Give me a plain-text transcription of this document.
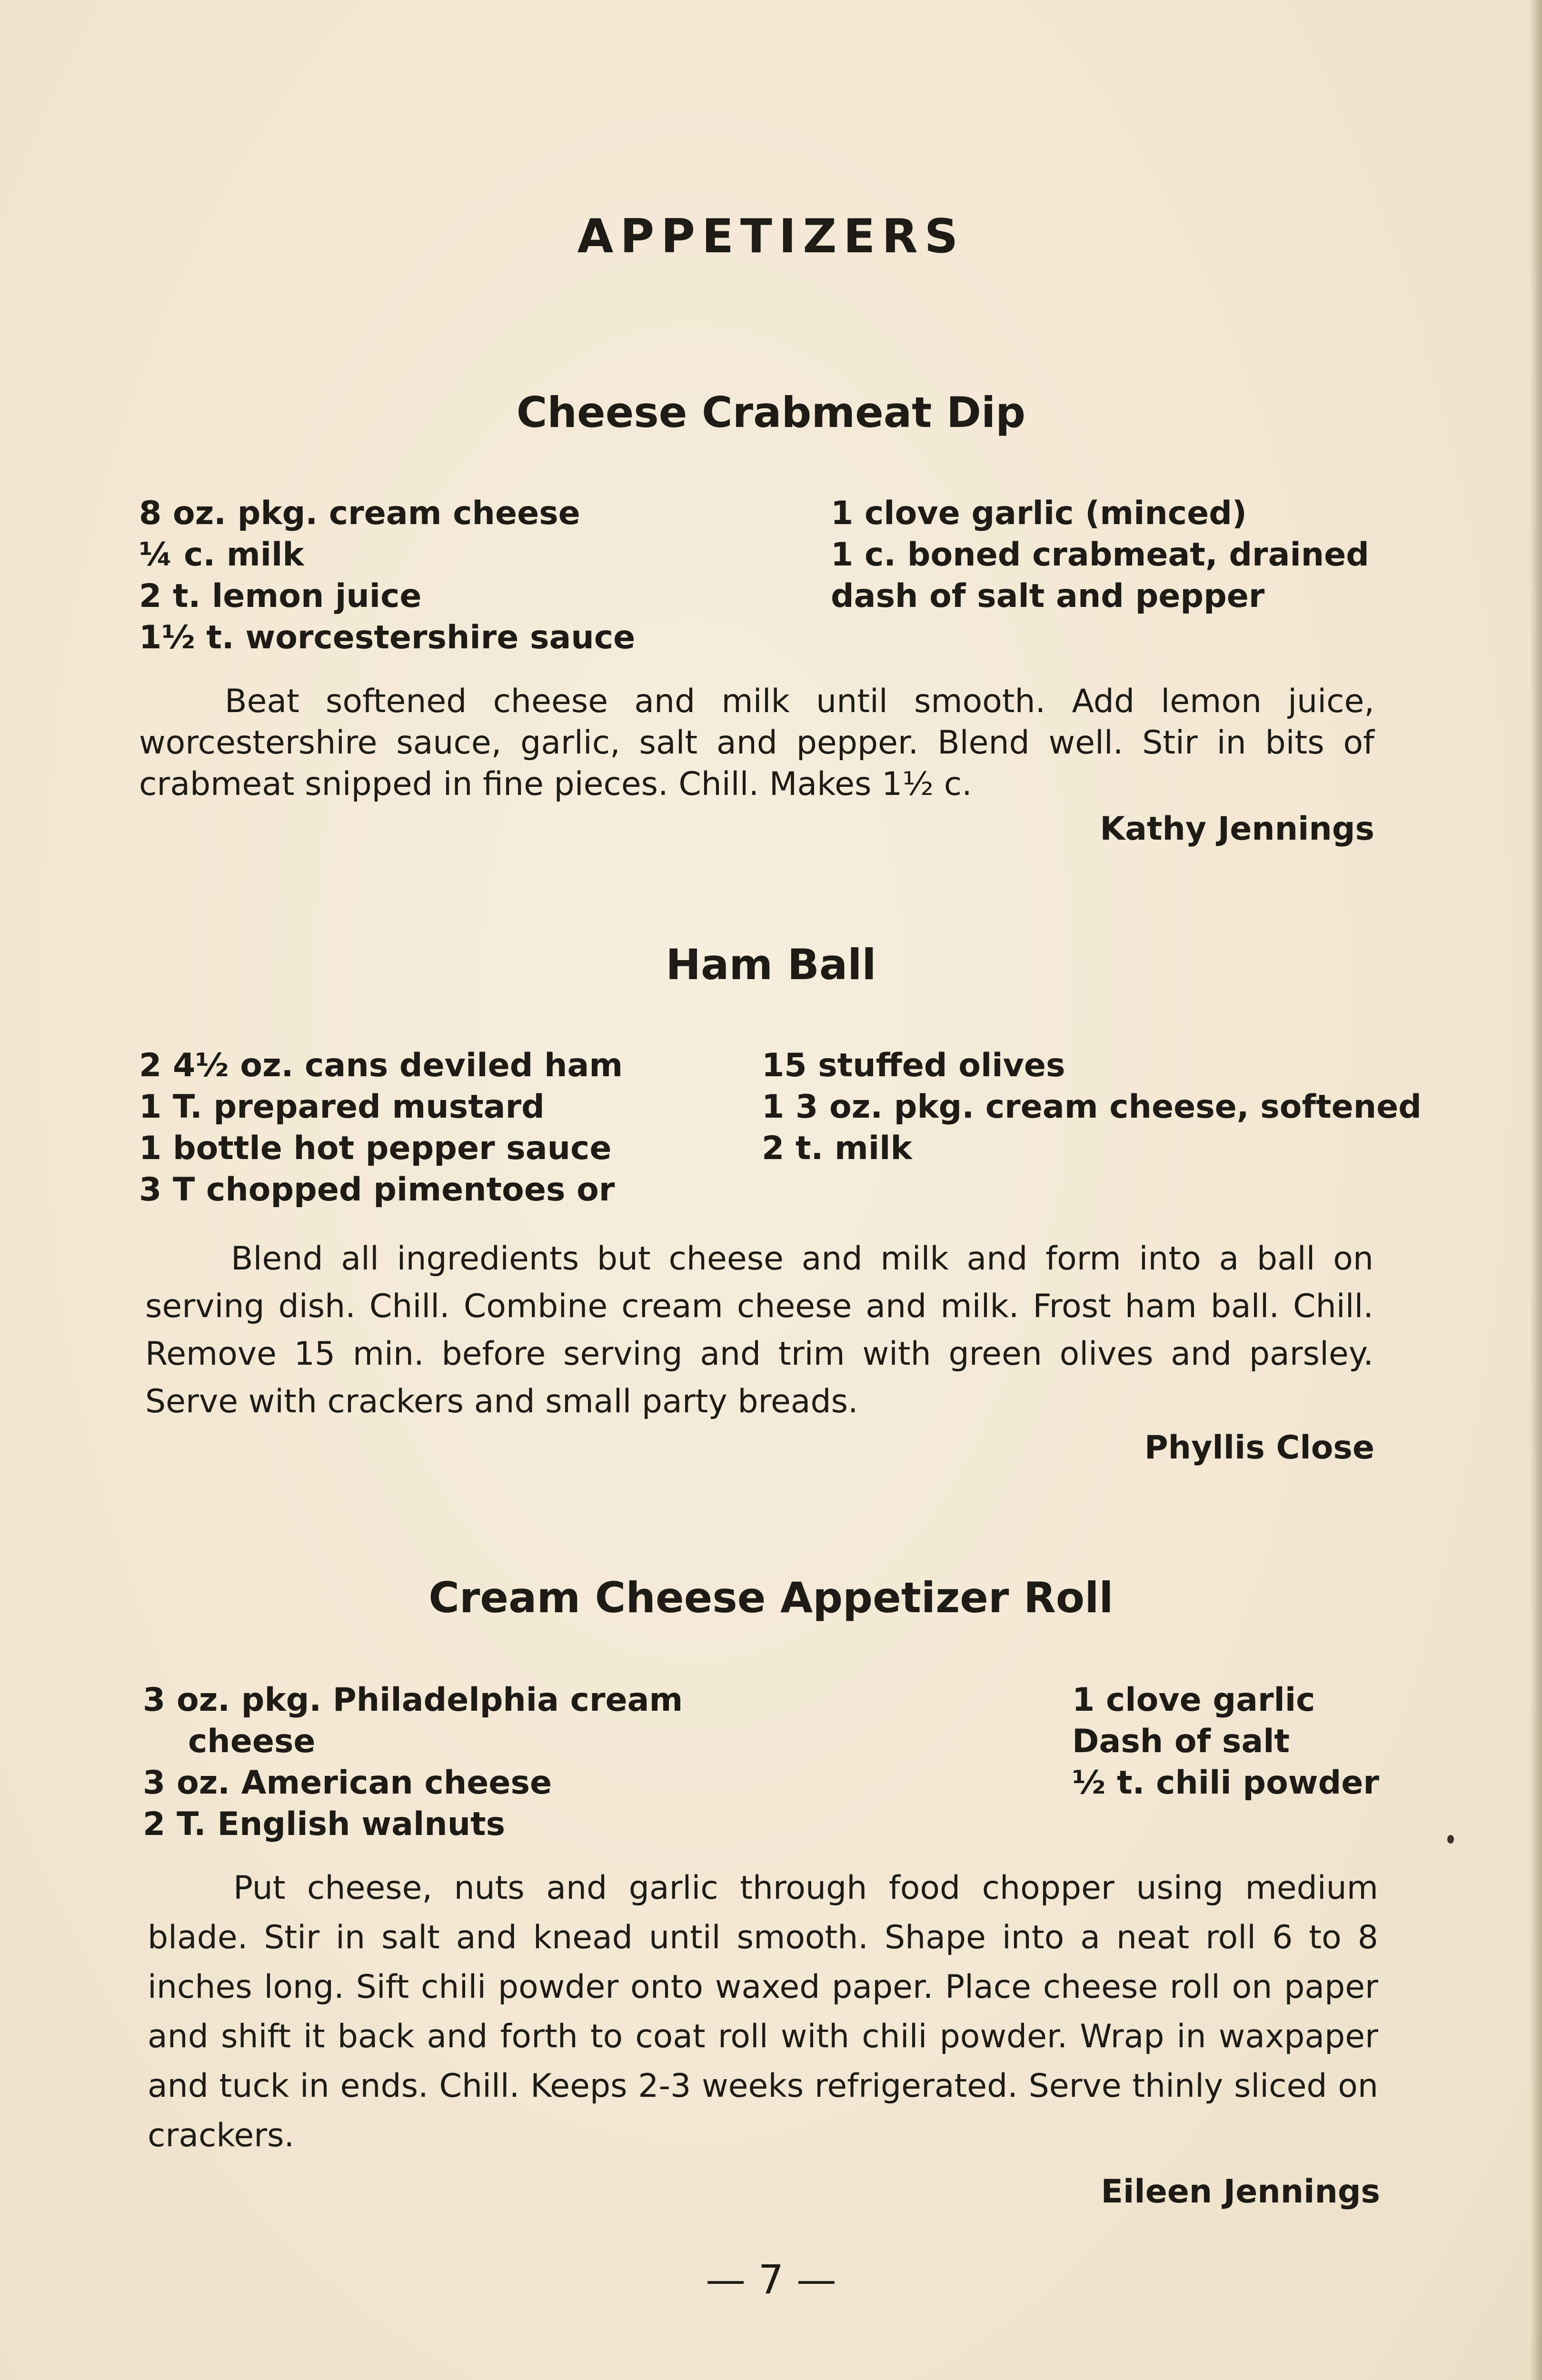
APPETIZERS
Cheese Crabmeat Dip
8 oz. pkg. cream cheese
¼ c. milk
2 t. lemon juice
1½ t. worcestershire sauce
1 clove garlic (minced)
1 c. boned crabmeat, drained
dash of salt and pepper

Beat softened cheese and milk until smooth. Add lemon juice, worcestershire sauce, garlic, salt and pepper. Blend well. Stir in bits of crabmeat snipped in fine pieces. Chill. Makes 1½ c.

Kathy Jennings
Ham Ball
2 4½ oz. cans deviled ham
1 T. prepared mustard
1 bottle hot pepper sauce
3 T chopped pimentoes or
15 stuffed olives
1 3 oz. pkg. cream cheese, softened
2 t. milk

Blend all ingredients but cheese and milk and form into a ball on serving dish. Chill. Combine cream cheese and milk. Frost ham ball. Chill. Remove 15 min. before serving and trim with green olives and parsley. Serve with crackers and small party breads.

Phyllis Close
Cream Cheese Appetizer Roll
3 oz. pkg. Philadelphia cream
cheese
3 oz. American cheese
2 T. English walnuts
1 clove garlic
Dash of salt
½ t. chili powder

Put cheese, nuts and garlic through food chopper using medium blade. Stir in salt and knead until smooth. Shape into a neat roll 6 to 8 inches long. Sift chili powder onto waxed paper. Place cheese roll on paper and shift it back and forth to coat roll with chili powder. Wrap in waxpaper and tuck in ends. Chill. Keeps 2-3 weeks refrigerated. Serve thinly sliced on crackers.

Eileen Jennings
— 7 —
